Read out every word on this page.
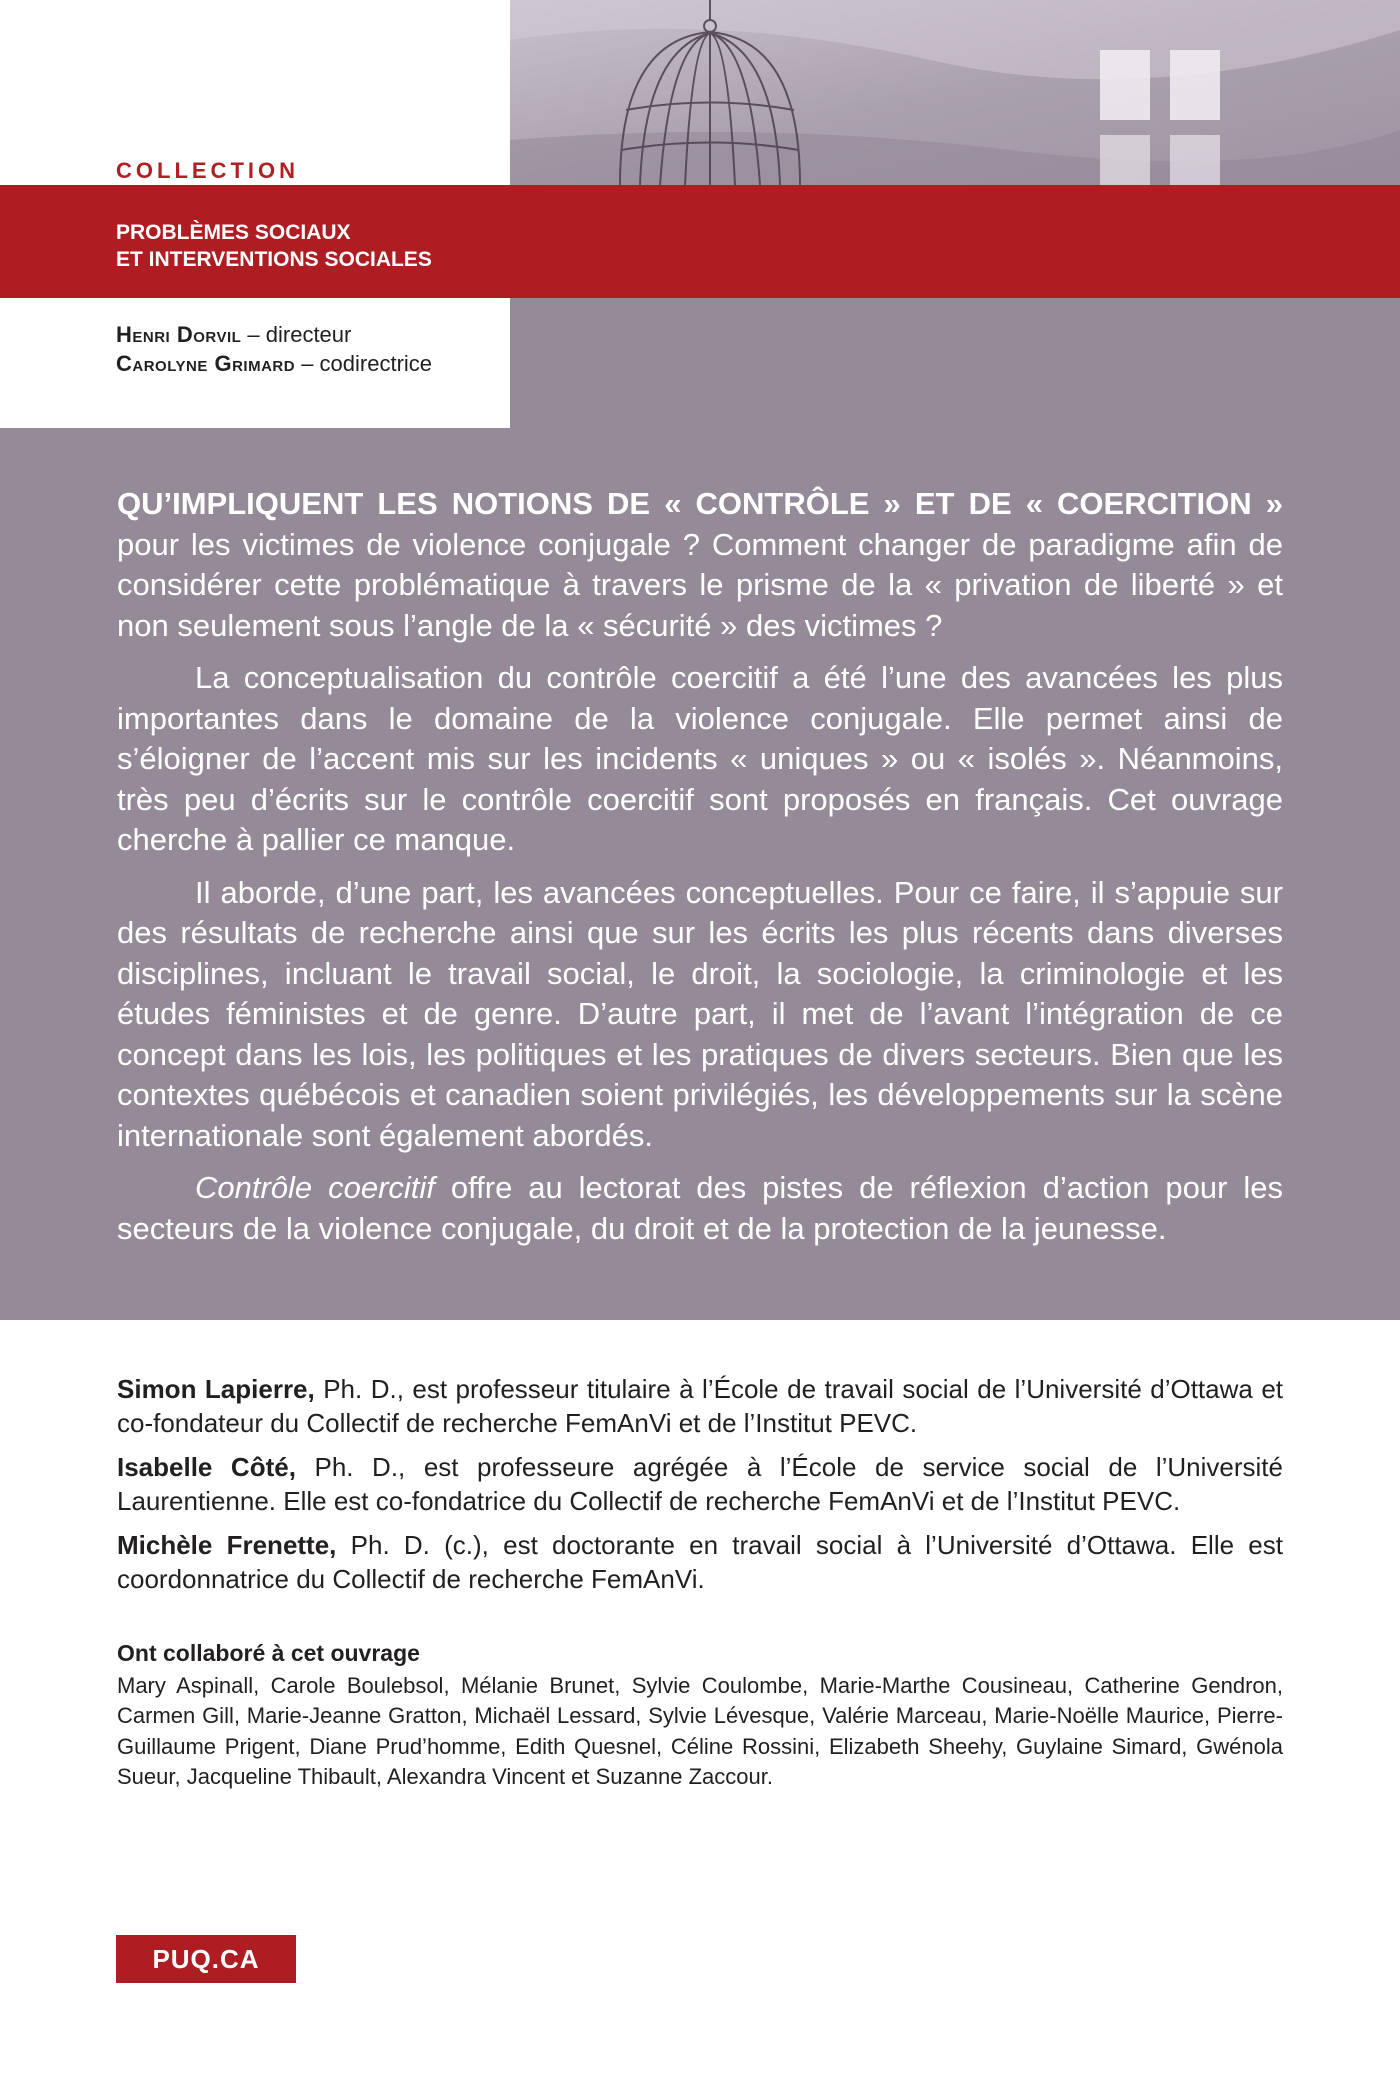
COLLECTION
PROBLÈMES SOCIAUX
ET INTERVENTIONS SOCIALES
Henri Dorvil – directeur
Carolyne Grimard – codirectrice

QU’IMPLIQUENT LES NOTIONS DE « CONTRÔLE » ET DE « COERCITION » pour les victimes de violence conjugale ? Comment changer de paradigme afin de considérer cette problématique à travers le prisme de la « privation de liberté » et non seulement sous l’angle de la « sécurité » des victimes ?

La conceptualisation du contrôle coercitif a été l’une des avancées les plus importantes dans le domaine de la violence conjugale. Elle permet ainsi de s’éloigner de l’accent mis sur les incidents « uniques » ou « isolés ». Néanmoins, très peu d’écrits sur le contrôle coercitif sont proposés en français. Cet ouvrage cherche à pallier ce manque.

Il aborde, d’une part, les avancées conceptuelles. Pour ce faire, il s’appuie sur des résultats de recherche ainsi que sur les écrits les plus récents dans diverses disciplines, incluant le travail social, le droit, la sociologie, la criminologie et les études féministes et de genre. D’autre part, il met de l’avant l’intégration de ce concept dans les lois, les politiques et les pratiques de divers secteurs. Bien que les contextes québécois et canadien soient privilégiés, les développements sur la scène internationale sont également abordés.

Contrôle coercitif offre au lectorat des pistes de réflexion d’action pour les secteurs de la violence conjugale, du droit et de la protection de la jeunesse.

Simon Lapierre, Ph. D., est professeur titulaire à l’École de travail social de l’Université d’Ottawa et co-fondateur du Collectif de recherche FemAnVi et de l’Institut PEVC.

Isabelle Côté, Ph. D., est professeure agrégée à l’École de service social de l’Université Laurentienne. Elle est co-fondatrice du Collectif de recherche FemAnVi et de l’Institut PEVC.

Michèle Frenette, Ph. D. (c.), est doctorante en travail social à l’Université d’Ottawa. Elle est coordonnatrice du Collectif de recherche FemAnVi.

Ont collaboré à cet ouvrage
Mary Aspinall, Carole Boulebsol, Mélanie Brunet, Sylvie Coulombe, Marie-Marthe Cousineau, Catherine Gendron, Carmen Gill, Marie-Jeanne Gratton, Michaël Lessard, Sylvie Lévesque, Valérie Marceau, Marie-Noëlle Maurice, Pierre-Guillaume Prigent, Diane Prud’homme, Edith Quesnel, Céline Rossini, Elizabeth Sheehy, Guylaine Simard, Gwénola Sueur, Jacqueline Thibault, Alexandra Vincent et Suzanne Zaccour.
PUQ.CA
